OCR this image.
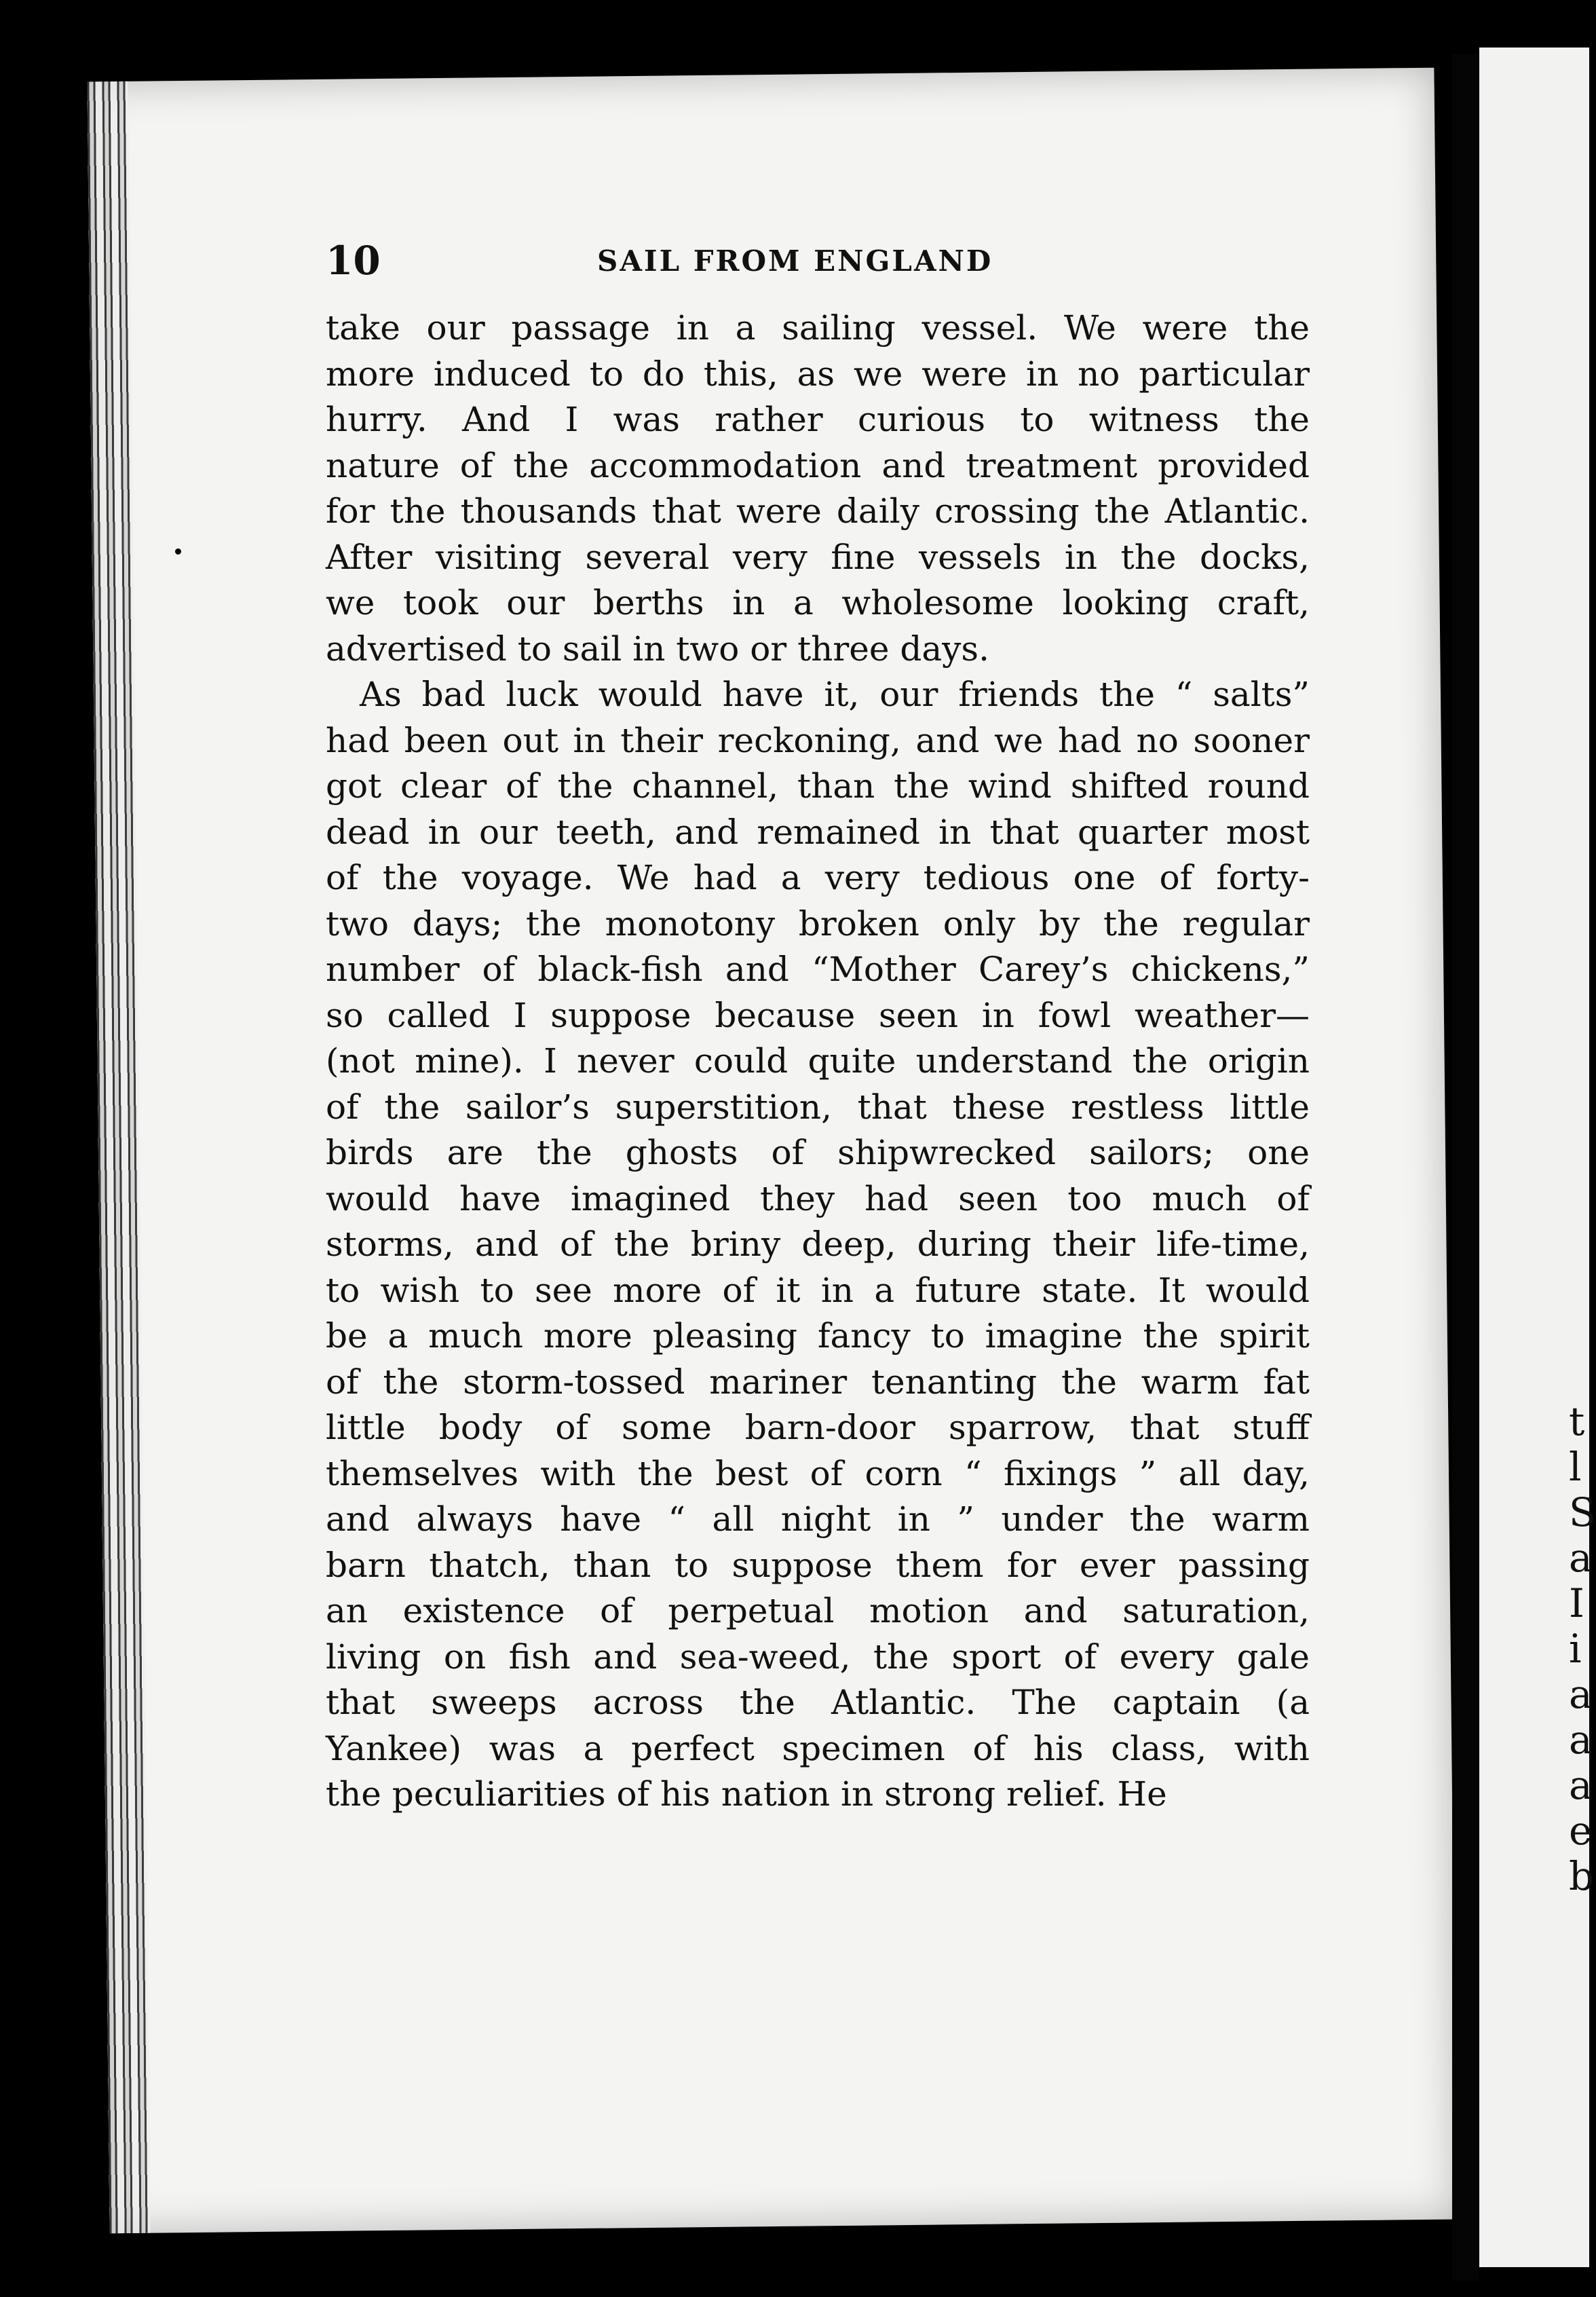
t
l
S
a
I
i
a
a
a
e
b
10	SAIL FROM ENGLAND

take our passage in a sailing vessel. We were the
more induced to do this, as we were in no particular
hurry. And I was rather curious to witness the
nature of the accommodation and treatment provided
for the thousands that were daily crossing the Atlantic.
After visiting several very fine vessels in the docks,
we took our berths in a wholesome looking craft,
advertised to sail in two or three days.

As bad luck would have it, our friends the “ salts”
had been out in their reckoning, and we had no sooner
got clear of the channel, than the wind shifted round
dead in our teeth, and remained in that quarter most
of the voyage. We had a very tedious one of forty-
two days; the monotony broken only by the regular
number of black-fish and “Mother Carey’s chickens,”
so called I suppose because seen in fowl weather—
(not mine). I never could quite understand the origin
of the sailor’s superstition, that these restless little
birds are the ghosts of shipwrecked sailors; one
would have imagined they had seen too much of
storms, and of the briny deep, during their life-time,
to wish to see more of it in a future state. It would
be a much more pleasing fancy to imagine the spirit
of the storm-tossed mariner tenanting the warm fat
little body of some barn-door sparrow, that stuff
themselves with the best of corn “ fixings ” all day,
and always have “ all night in ” under the warm
barn thatch, than to suppose them for ever passing
an existence of perpetual motion and saturation,
living on fish and sea-weed, the sport of every gale
that sweeps across the Atlantic. The captain (a
Yankee) was a perfect specimen of his class, with
the peculiarities of his nation in strong relief. He
